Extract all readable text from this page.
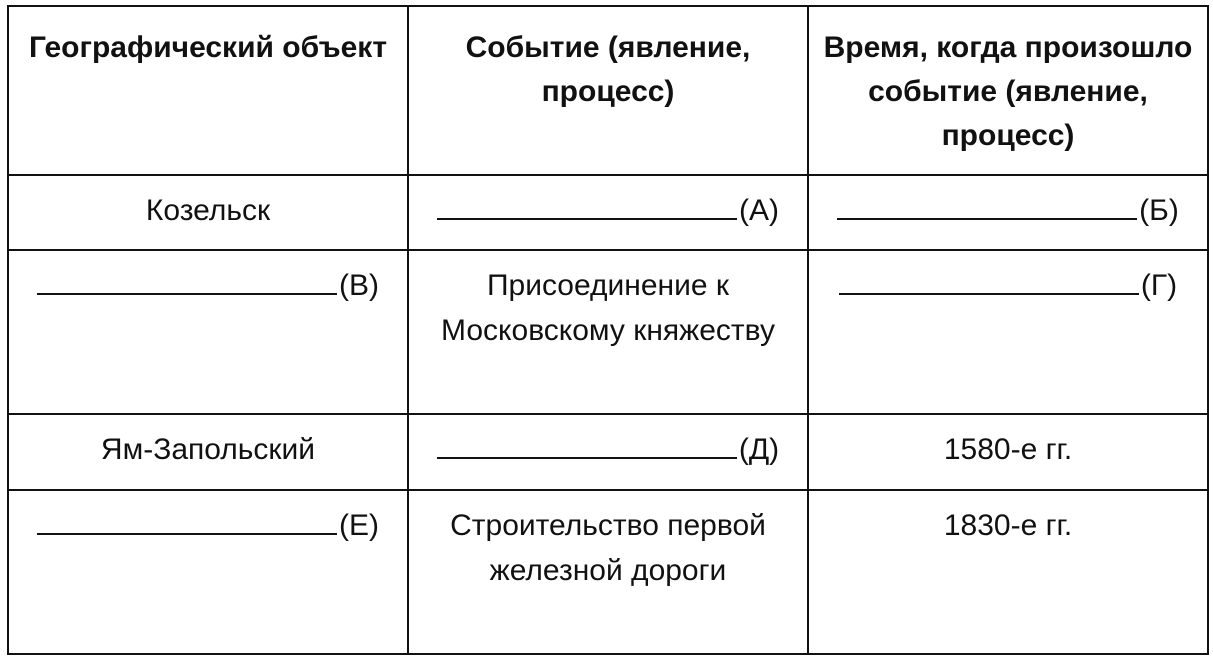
Географический объект	Событие (явление, процесс)	Время, когда произошло событие (явление, процесс)
Козельск	(А)	(Б)
(В)	Присоединение к Московскому княжеству	(Г)
Ям-Запольский	(Д)	1580-е гг.
(Е)	Строительство первой железной дороги	1830-е гг.
